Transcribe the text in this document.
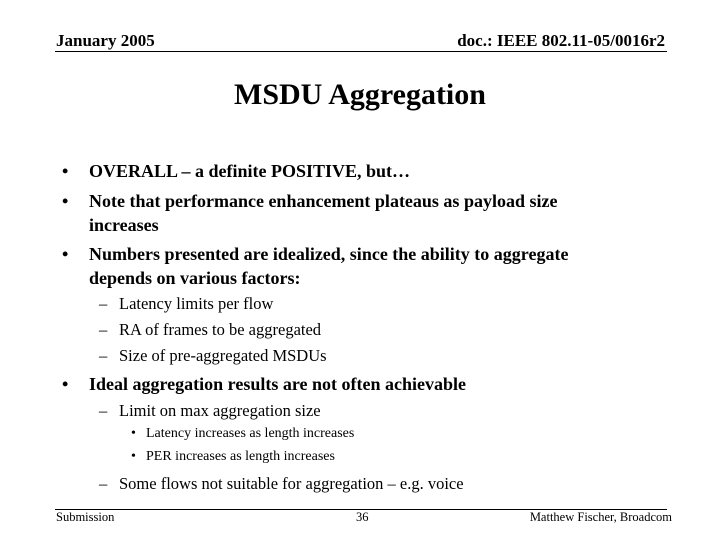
January 2005	doc.: IEEE 802.11-05/0016r2
MSDU Aggregation
• OVERALL – a definite POSITIVE, but…
• Note that performance enhancement plateaus as payload size
increases
• Numbers presented are idealized, since the ability to aggregate
depends on various factors:
– Latency limits per flow
– RA of frames to be aggregated
– Size of pre-aggregated MSDUs
• Ideal aggregation results are not often achievable
– Limit on max aggregation size
• Latency increases as length increases
• PER increases as length increases
– Some flows not suitable for aggregation – e.g. voice
Submission	36	Matthew Fischer, Broadcom
